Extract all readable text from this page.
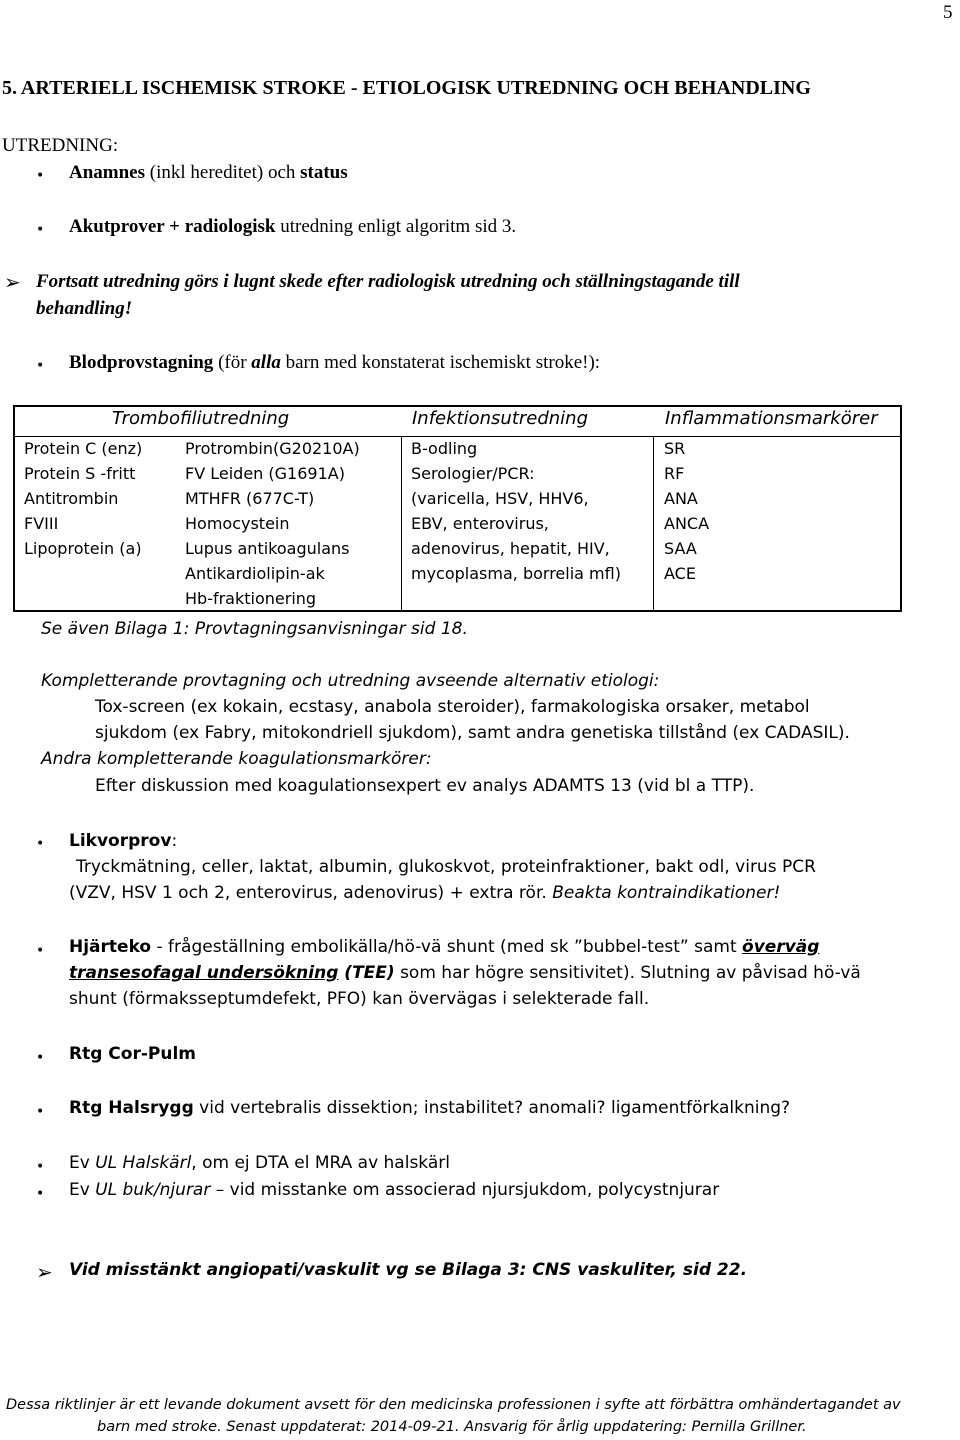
5
5. ARTERIELL ISCHEMISK STROKE - ETIOLOGISK UTREDNING OCH BEHANDLING
UTREDNING:
• Anamnes (inkl hereditet) och status
• Akutprover + radiologisk utredning enligt algoritm sid 3.
➢ Fortsatt utredning görs i lugnt skede efter radiologisk utredning och ställningstagande till
behandling!
• Blodprovstagning (för alla barn med konstaterat ischemiskt stroke!):
Trombofiliutredning	Infektionsutredning	Inflammationsmarkörer
Protein C (enz)
Protein S -fritt
Antitrombin
FVIII
Lipoprotein (a)
Protrombin(G20210A)
FV Leiden (G1691A)
MTHFR (677C-T)
Homocystein
Lupus antikoagulans
Antikardiolipin-ak
Hb-fraktionering
B-odling
Serologier/PCR:
(varicella, HSV, HHV6,
EBV, enterovirus,
adenovirus, hepatit, HIV,
mycoplasma, borrelia mfl)
SR
RF
ANA
ANCA
SAA
ACE
Se även Bilaga 1: Provtagningsanvisningar sid 18.
Kompletterande provtagning och utredning avseende alternativ etiologi:
Tox-screen (ex kokain, ecstasy, anabola steroider), farmakologiska orsaker, metabol
sjukdom (ex Fabry, mitokondriell sjukdom), samt andra genetiska tillstånd (ex CADASIL).
Andra kompletterande koagulationsmarkörer:
Efter diskussion med koagulationsexpert ev analys ADAMTS 13 (vid bl a TTP).
• Likvorprov:
Tryckmätning, celler, laktat, albumin, glukoskvot, proteinfraktioner, bakt odl, virus PCR
(VZV, HSV 1 och 2, enterovirus, adenovirus) + extra rör. Beakta kontraindikationer!
• Hjärteko - frågeställning embolikälla/hö-vä shunt (med sk ”bubbel-test” samt överväg
transesofagal undersökning (TEE) som har högre sensitivitet). Slutning av påvisad hö-vä
shunt (förmaksseptumdefekt, PFO) kan övervägas i selekterade fall.
• Rtg Cor-Pulm
• Rtg Halsrygg vid vertebralis dissektion; instabilitet? anomali? ligamentförkalkning?
• Ev UL Halskärl, om ej DTA el MRA av halskärl
• Ev UL buk/njurar – vid misstanke om associerad njursjukdom, polycystnjurar
➢ Vid misstänkt angiopati/vaskulit vg se Bilaga 3: CNS vaskuliter, sid 22.
Dessa riktlinjer är ett levande dokument avsett för den medicinska professionen i syfte att förbättra omhändertagandet av
barn med stroke. Senast uppdaterat: 2014-09-21. Ansvarig för årlig uppdatering: Pernilla Grillner.
